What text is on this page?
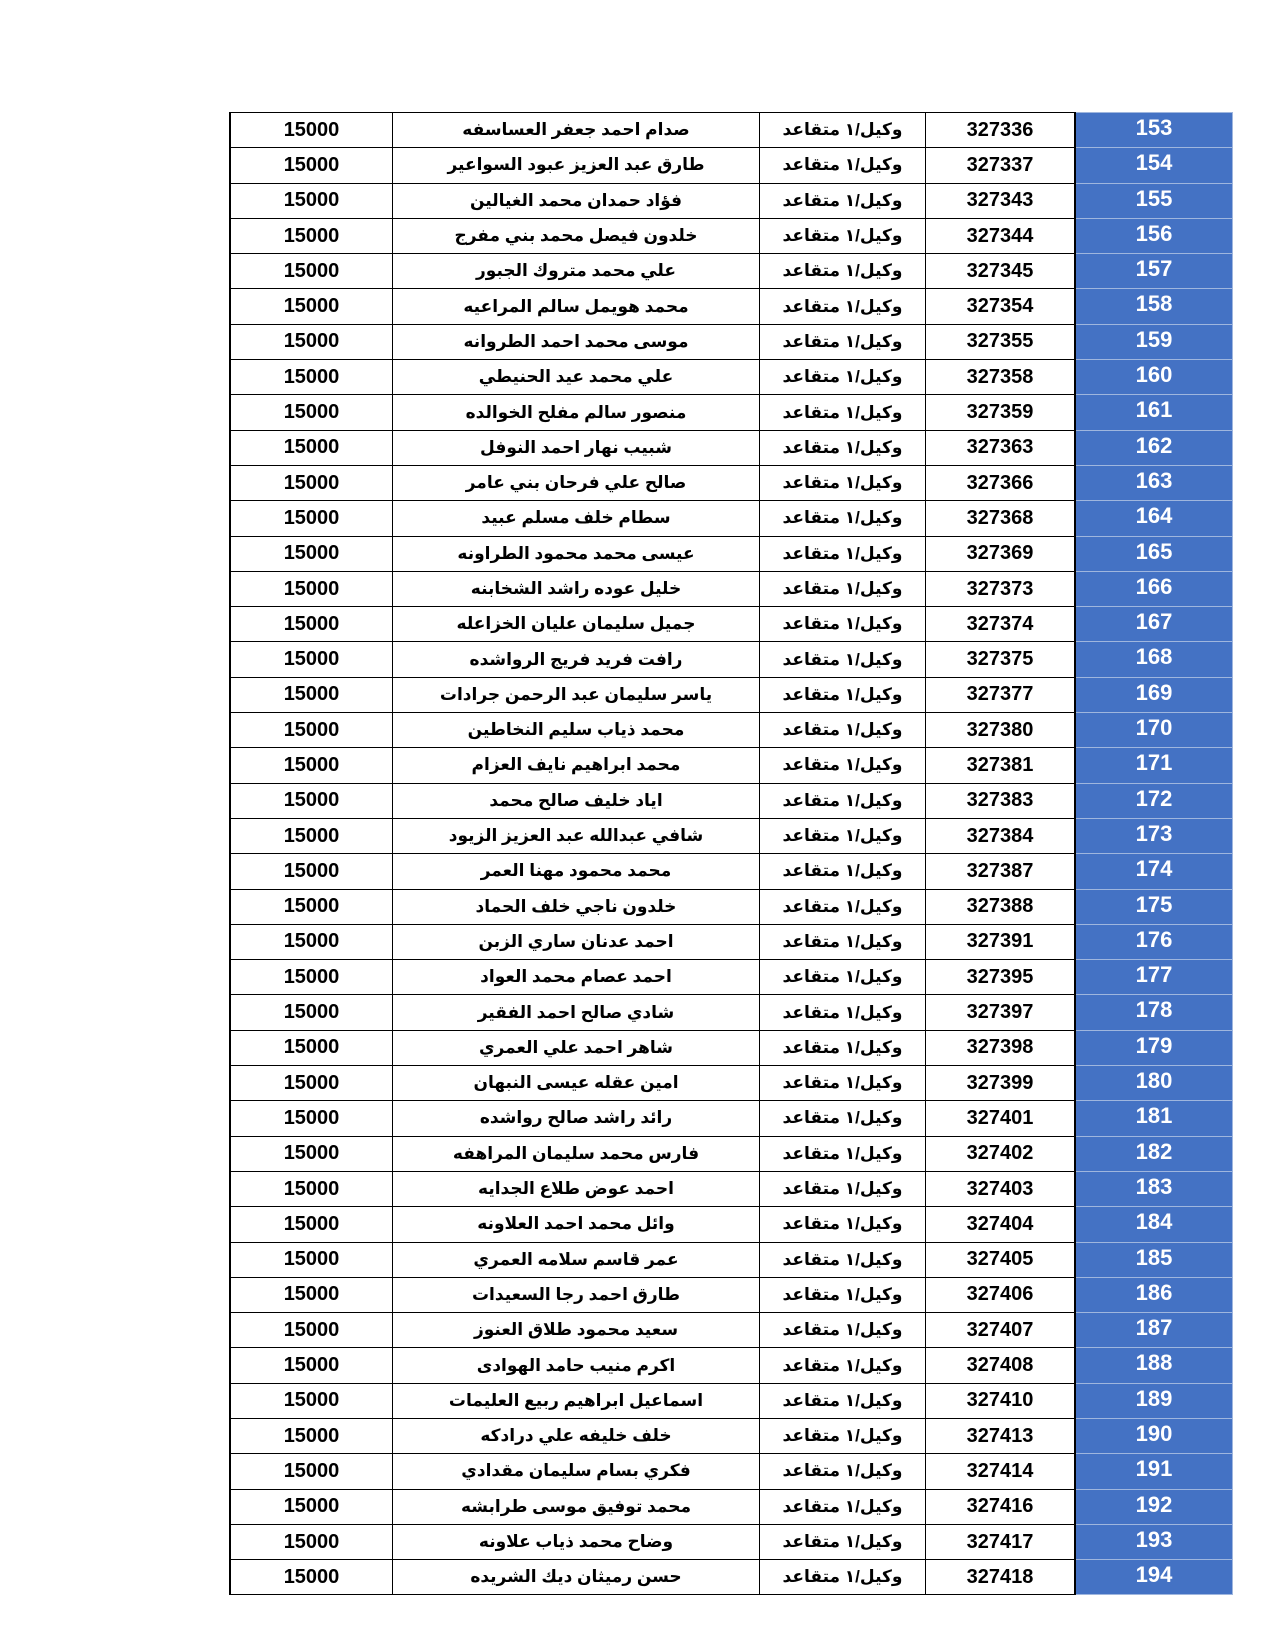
15000	صدام احمد جعفر العساسفه	وكيل/١ متقاعد	327336	153
15000	طارق عبد العزيز عبود السواعير	وكيل/١ متقاعد	327337	154
15000	فؤاد حمدان محمد الغيالين	وكيل/١ متقاعد	327343	155
15000	خلدون فيصل محمد بني مفرج	وكيل/١ متقاعد	327344	156
15000	علي محمد متروك الجبور	وكيل/١ متقاعد	327345	157
15000	محمد هويمل سالم المراعيه	وكيل/١ متقاعد	327354	158
15000	موسى محمد احمد الطروانه	وكيل/١ متقاعد	327355	159
15000	علي محمد عيد الحنيطي	وكيل/١ متقاعد	327358	160
15000	منصور سالم مفلح الخوالده	وكيل/١ متقاعد	327359	161
15000	شبيب نهار احمد النوفل	وكيل/١ متقاعد	327363	162
15000	صالح علي فرحان بني عامر	وكيل/١ متقاعد	327366	163
15000	سطام خلف مسلم عبيد	وكيل/١ متقاعد	327368	164
15000	عيسى محمد محمود الطراونه	وكيل/١ متقاعد	327369	165
15000	خليل عوده راشد الشخابنه	وكيل/١ متقاعد	327373	166
15000	جميل سليمان عليان الخزاعله	وكيل/١ متقاعد	327374	167
15000	رافت فريد فريج الرواشده	وكيل/١ متقاعد	327375	168
15000	ياسر سليمان عبد الرحمن جرادات	وكيل/١ متقاعد	327377	169
15000	محمد ذياب سليم النخاطين	وكيل/١ متقاعد	327380	170
15000	محمد ابراهيم نايف العزام	وكيل/١ متقاعد	327381	171
15000	اياد خليف صالح محمد	وكيل/١ متقاعد	327383	172
15000	شافي عبدالله عبد العزيز الزيود	وكيل/١ متقاعد	327384	173
15000	محمد محمود مهنا العمر	وكيل/١ متقاعد	327387	174
15000	خلدون ناجي خلف الحماد	وكيل/١ متقاعد	327388	175
15000	احمد عدنان ساري الزبن	وكيل/١ متقاعد	327391	176
15000	احمد عصام محمد العواد	وكيل/١ متقاعد	327395	177
15000	شادي صالح احمد الفقير	وكيل/١ متقاعد	327397	178
15000	شاهر احمد علي العمري	وكيل/١ متقاعد	327398	179
15000	امين عقله عيسى النبهان	وكيل/١ متقاعد	327399	180
15000	رائد راشد صالح رواشده	وكيل/١ متقاعد	327401	181
15000	فارس محمد سليمان المراهفه	وكيل/١ متقاعد	327402	182
15000	احمد عوض طلاع الجدايه	وكيل/١ متقاعد	327403	183
15000	وائل محمد احمد العلاونه	وكيل/١ متقاعد	327404	184
15000	عمر قاسم سلامه العمري	وكيل/١ متقاعد	327405	185
15000	طارق احمد رجا السعيدات	وكيل/١ متقاعد	327406	186
15000	سعيد محمود طلاق العنوز	وكيل/١ متقاعد	327407	187
15000	اكرم منيب حامد الهوادى	وكيل/١ متقاعد	327408	188
15000	اسماعيل ابراهيم ربيع العليمات	وكيل/١ متقاعد	327410	189
15000	خلف خليفه علي درادكه	وكيل/١ متقاعد	327413	190
15000	فكري بسام سليمان مقدادي	وكيل/١ متقاعد	327414	191
15000	محمد توفيق موسى طرابشه	وكيل/١ متقاعد	327416	192
15000	وضاح محمد ذياب علاونه	وكيل/١ متقاعد	327417	193
15000	حسن رميثان ديك الشريده	وكيل/١ متقاعد	327418	194
